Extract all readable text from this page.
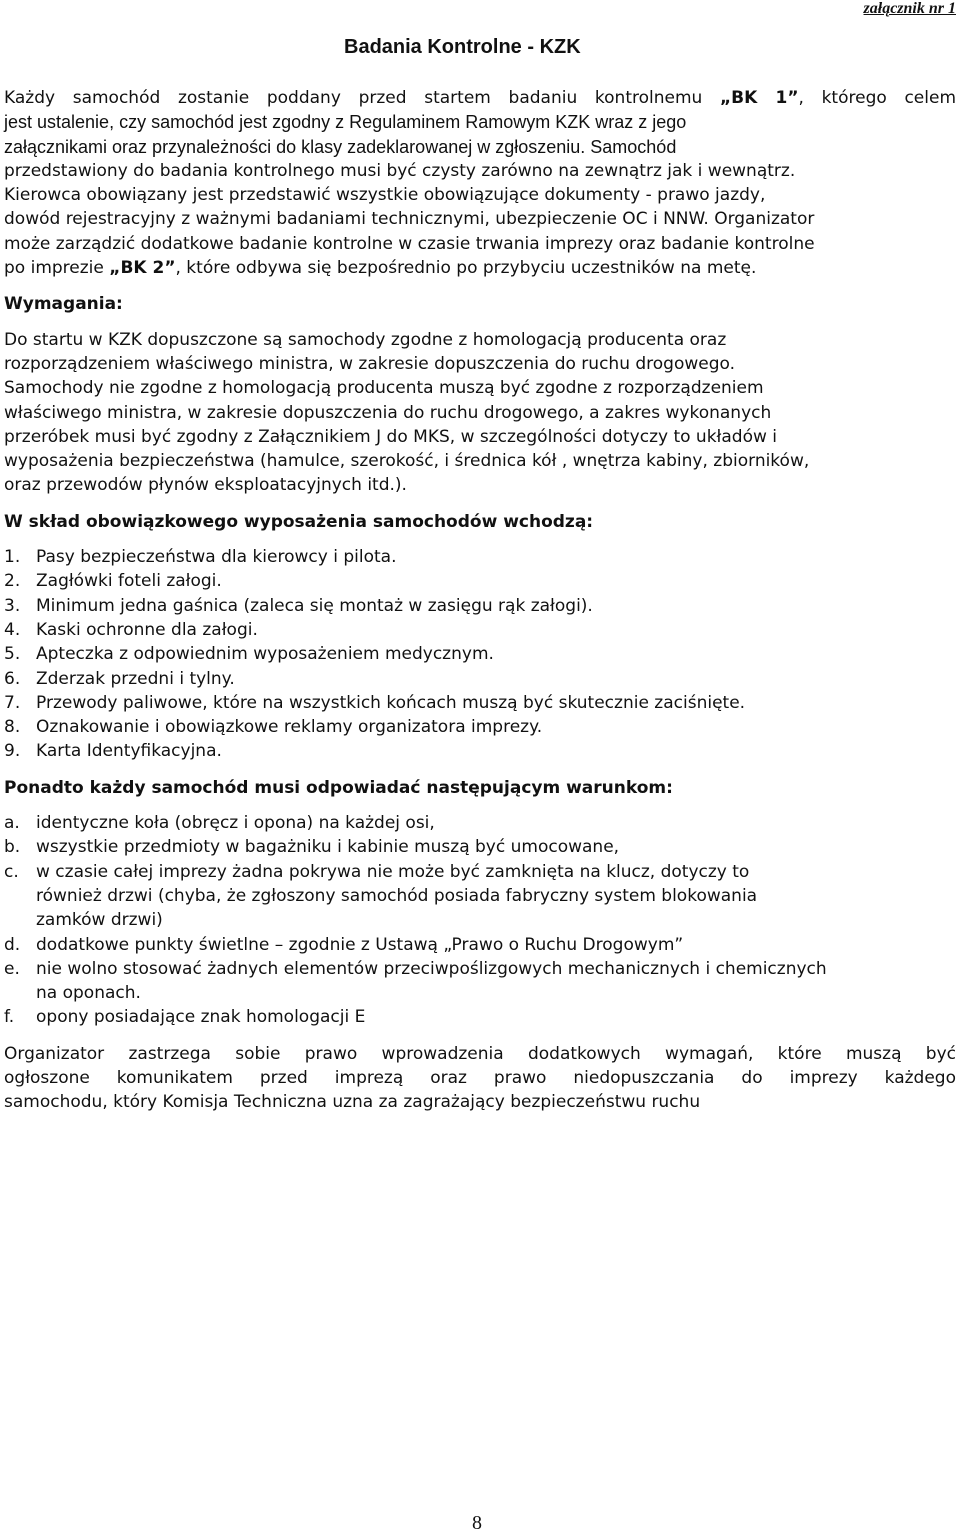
załącznik nr 1
Badania Kontrolne - KZK
Każdy samochód zostanie poddany przed startem badaniu kontrolnemu „BK 1”, którego celem
jest ustalenie, czy samochód jest zgodny z Regulaminem Ramowym KZK wraz z jego
załącznikami oraz przynależności do klasy zadeklarowanej w zgłoszeniu. Samochód
przedstawiony do badania kontrolnego musi być czysty zarówno na zewnątrz jak i wewnątrz.
Kierowca obowiązany jest przedstawić wszystkie obowiązujące dokumenty - prawo jazdy,
dowód rejestracyjny z ważnymi badaniami technicznymi, ubezpieczenie OC i NNW. Organizator
może zarządzić dodatkowe badanie kontrolne w czasie trwania imprezy oraz badanie kontrolne
po imprezie „BK 2”, które odbywa się bezpośrednio po przybyciu uczestników na metę.
Wymagania:
Do startu w KZK dopuszczone są samochody zgodne z homologacją producenta oraz
rozporządzeniem właściwego ministra, w zakresie dopuszczenia do ruchu drogowego.
Samochody nie zgodne z homologacją producenta muszą być zgodne z rozporządzeniem
właściwego ministra, w zakresie dopuszczenia do ruchu drogowego, a zakres wykonanych
przeróbek musi być zgodny z Załącznikiem J do MKS, w szczególności dotyczy to układów i
wyposażenia bezpieczeństwa (hamulce, szerokość, i średnica kół , wnętrza kabiny, zbiorników,
oraz przewodów płynów eksploatacyjnych itd.).
W skład obowiązkowego wyposażenia samochodów wchodzą:
1. Pasy bezpieczeństwa dla kierowcy i pilota.
2. Zagłówki foteli załogi.
3. Minimum jedna gaśnica (zaleca się montaż w zasięgu rąk załogi).
4. Kaski ochronne dla załogi.
5. Apteczka z odpowiednim wyposażeniem medycznym.
6. Zderzak przedni i tylny.
7. Przewody paliwowe, które na wszystkich końcach muszą być skutecznie zaciśnięte.
8. Oznakowanie i obowiązkowe reklamy organizatora imprezy.
9. Karta Identyfikacyjna.
Ponadto każdy samochód musi odpowiadać następującym warunkom:
a. identyczne koła (obręcz i opona) na każdej osi,
b. wszystkie przedmioty w bagażniku i kabinie muszą być umocowane,
c.	w czasie całej imprezy żadna pokrywa nie może być zamknięta na klucz, dotyczy to
również drzwi (chyba, że zgłoszony samochód posiada fabryczny system blokowania
zamków drzwi)
d. dodatkowe punkty świetlne – zgodnie z Ustawą „Prawo o Ruchu Drogowym”
e. nie wolno stosować żadnych elementów przeciwpoślizgowych mechanicznych i chemicznych
na oponach.
f.	opony posiadające znak homologacji E
Organizator zastrzega sobie prawo wprowadzenia dodatkowych wymagań, które muszą być
ogłoszone komunikatem przed imprezą oraz prawo niedopuszczania do imprezy każdego
samochodu, który Komisja Techniczna uzna za zagrażający bezpieczeństwu ruchu
8
